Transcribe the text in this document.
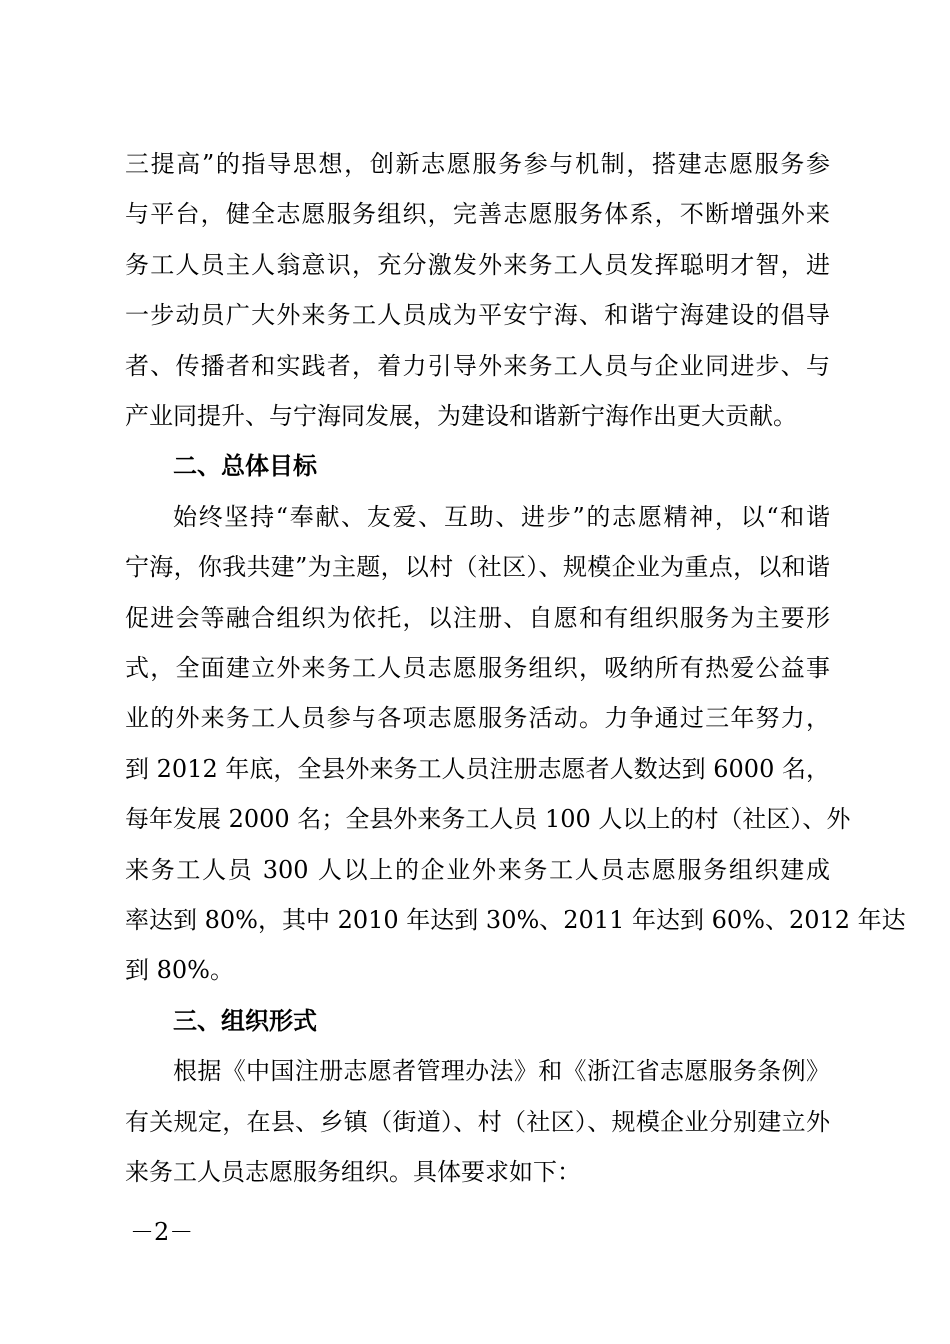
三提高”的指导思想，创新志愿服务参与机制，搭建志愿服务参
与平台，健全志愿服务组织，完善志愿服务体系，不断增强外来
务工人员主人翁意识，充分激发外来务工人员发挥聪明才智，进
一步动员广大外来务工人员成为平安宁海、和谐宁海建设的倡导
者、传播者和实践者，着力引导外来务工人员与企业同进步、与
产业同提升、与宁海同发展，为建设和谐新宁海作出更大贡献。
二、总体目标
始终坚持“奉献、友爱、互助、进步”的志愿精神，以“和谐
宁海，你我共建”为主题，以村（社区）、规模企业为重点，以和谐
促进会等融合组织为依托，以注册、自愿和有组织服务为主要形
式，全面建立外来务工人员志愿服务组织，吸纳所有热爱公益事
业的外来务工人员参与各项志愿服务活动。力争通过三年努力，
到 2012 年底，全县外来务工人员注册志愿者人数达到 6000 名，
每年发展 2000 名；全县外来务工人员 100 人以上的村（社区）、外
来务工人员 300 人以上的企业外来务工人员志愿服务组织建成
率达到 80%，其中 2010 年达到 30%、2011 年达到 60%、2012 年达
到 80%。
三、组织形式
根据《中国注册志愿者管理办法》和《浙江省志愿服务条例》
有关规定，在县、乡镇（街道）、村（社区）、规模企业分别建立外
来务工人员志愿服务组织。具体要求如下：
－2－
